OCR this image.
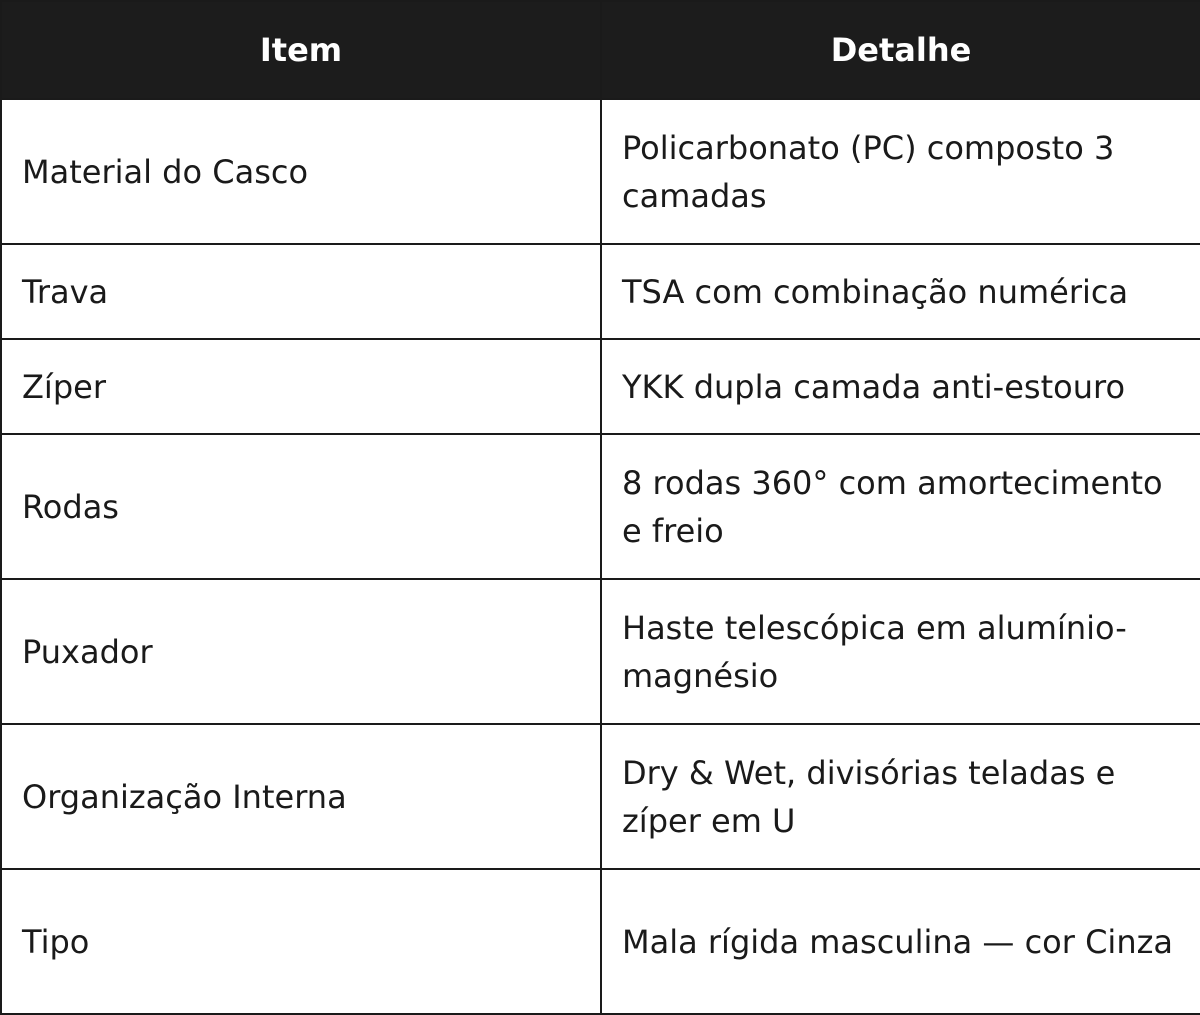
Item	Detalhe
Material do Casco	Policarbonato (PC) composto 3 camadas
Trava	TSA com combinação numérica
Zíper	YKK dupla camada anti-estouro
Rodas	8 rodas 360° com amortecimento e freio
Puxador	Haste telescópica em alumínio-magnésio
Organização Interna	Dry & Wet, divisórias teladas e zíper em U
Tipo	Mala rígida masculina — cor Cinza
